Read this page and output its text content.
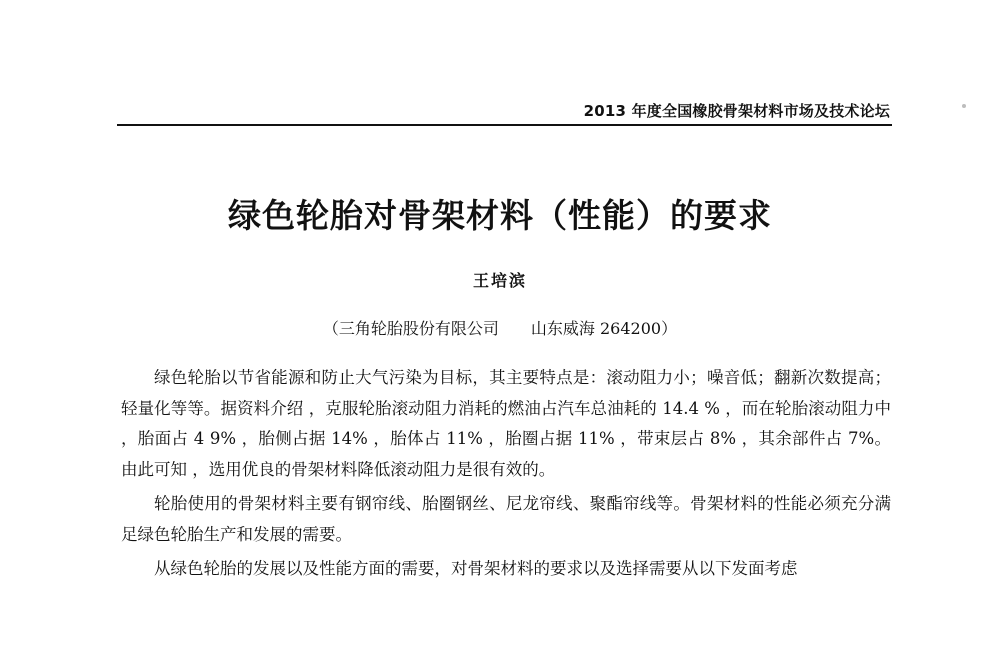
2013 年度全国橡胶骨架材料市场及技术论坛
绿色轮胎对骨架材料（性能）的要求
王培滨
（三角轮胎股份有限公司　　山东威海 264200）

绿色轮胎以节省能源和防止大气污染为目标，其主要特点是：滚动阻力小；噪音低；翻新次数提高；轻量化等等。据资料介绍 ，克服轮胎滚动阻力消耗的燃油占汽车总油耗的 14.4 % ，而在轮胎滚动阻力中 ，胎面占 4 9% ，胎侧占据 14% ，胎体占 11% ，胎圈占据 11% ，带束层占 8% ，其余部件占 7%。由此可知 ，选用优良的骨架材料降低滚动阻力是很有效的。

轮胎使用的骨架材料主要有钢帘线、胎圈钢丝、尼龙帘线、聚酯帘线等。骨架材料的性能必须充分满足绿色轮胎生产和发展的需要。

从绿色轮胎的发展以及性能方面的需要，对骨架材料的要求以及选择需要从以下发面考虑
